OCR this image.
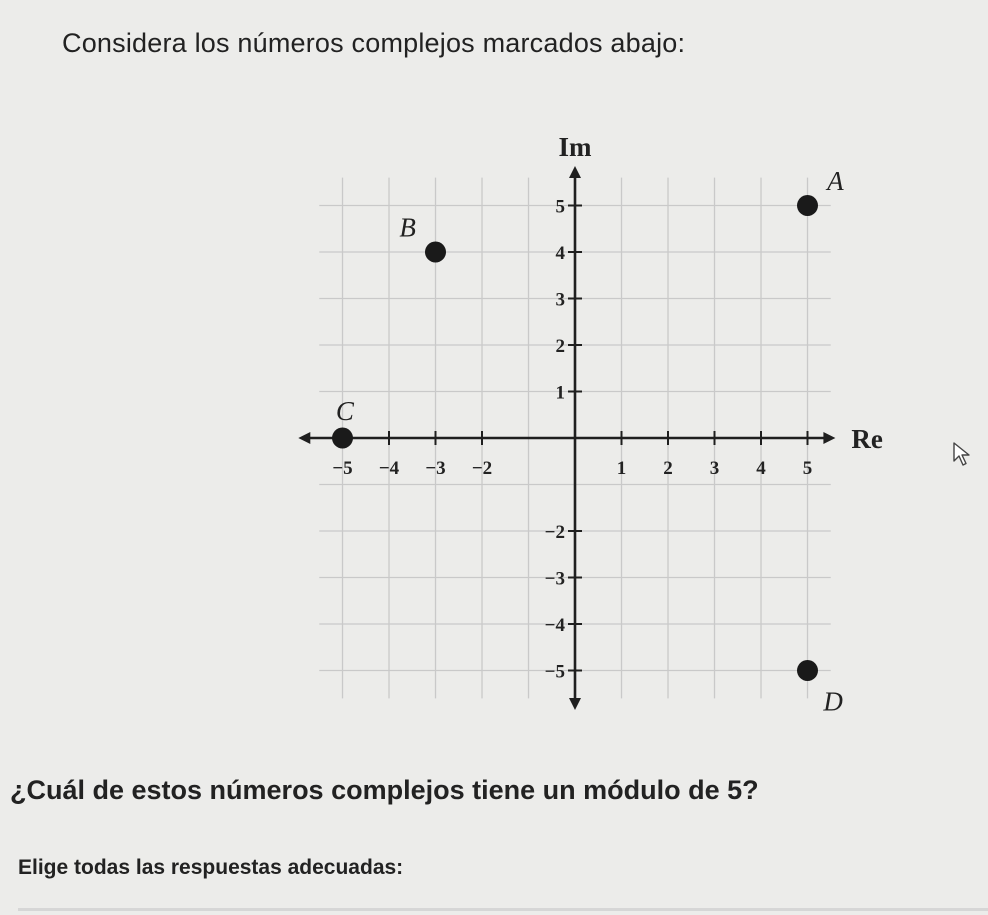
Considera los números complejos marcados abajo:
Re
Im
−5 −4 −3 −2	1 2 3 4 5
5
4
3
2
1
−2
−3
−4
−5
A
B
C
D
¿Cuál de estos números complejos tiene un módulo de 5?
Elige todas las respuestas adecuadas:
